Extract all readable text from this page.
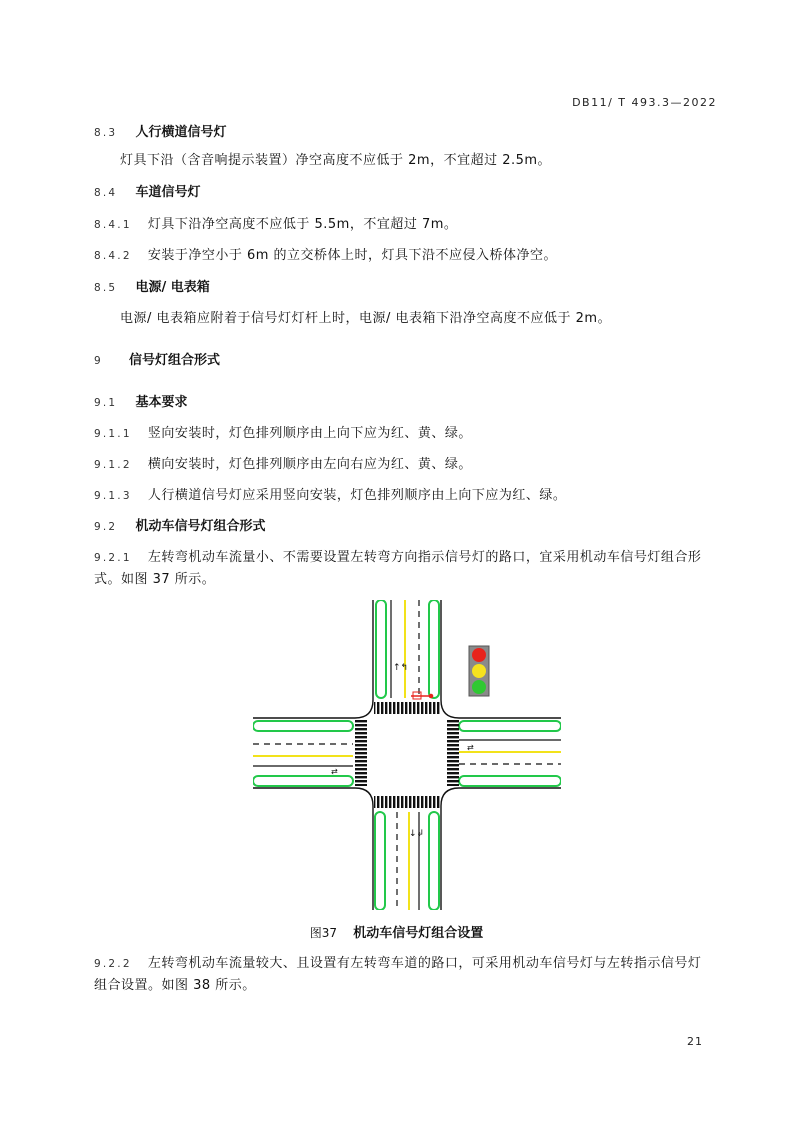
DB11/ T 493.3—2022
8.3 人行横道信号灯
灯具下沿（含音响提示装置）净空高度不应低于 2m，不宜超过 2.5m。
8.4 车道信号灯
8.4.1 灯具下沿净空高度不应低于 5.5m，不宜超过 7m。
8.4.2 安装于净空小于 6m 的立交桥体上时，灯具下沿不应侵入桥体净空。
8.5 电源/ 电表箱
电源/ 电表箱应附着于信号灯灯杆上时，电源/ 电表箱下沿净空高度不应低于 2m。
9 信号灯组合形式
9.1 基本要求
9.1.1 竖向安装时，灯色排列顺序由上向下应为红、黄、绿。
9.1.2 横向安装时，灯色排列顺序由左向右应为红、黄、绿。
9.1.3 人行横道信号灯应采用竖向安装，灯色排列顺序由上向下应为红、绿。
9.2 机动车信号灯组合形式
9.2.1 左转弯机动车流量小、不需要设置左转弯方向指示信号灯的路口，宜采用机动车信号灯组合形
式。如图 37 所示。
↑↰
↓↲
⇄
⇄
图37 机动车信号灯组合设置
9.2.2 左转弯机动车流量较大、且设置有左转弯车道的路口，可采用机动车信号灯与左转指示信号灯
组合设置。如图 38 所示。
21
